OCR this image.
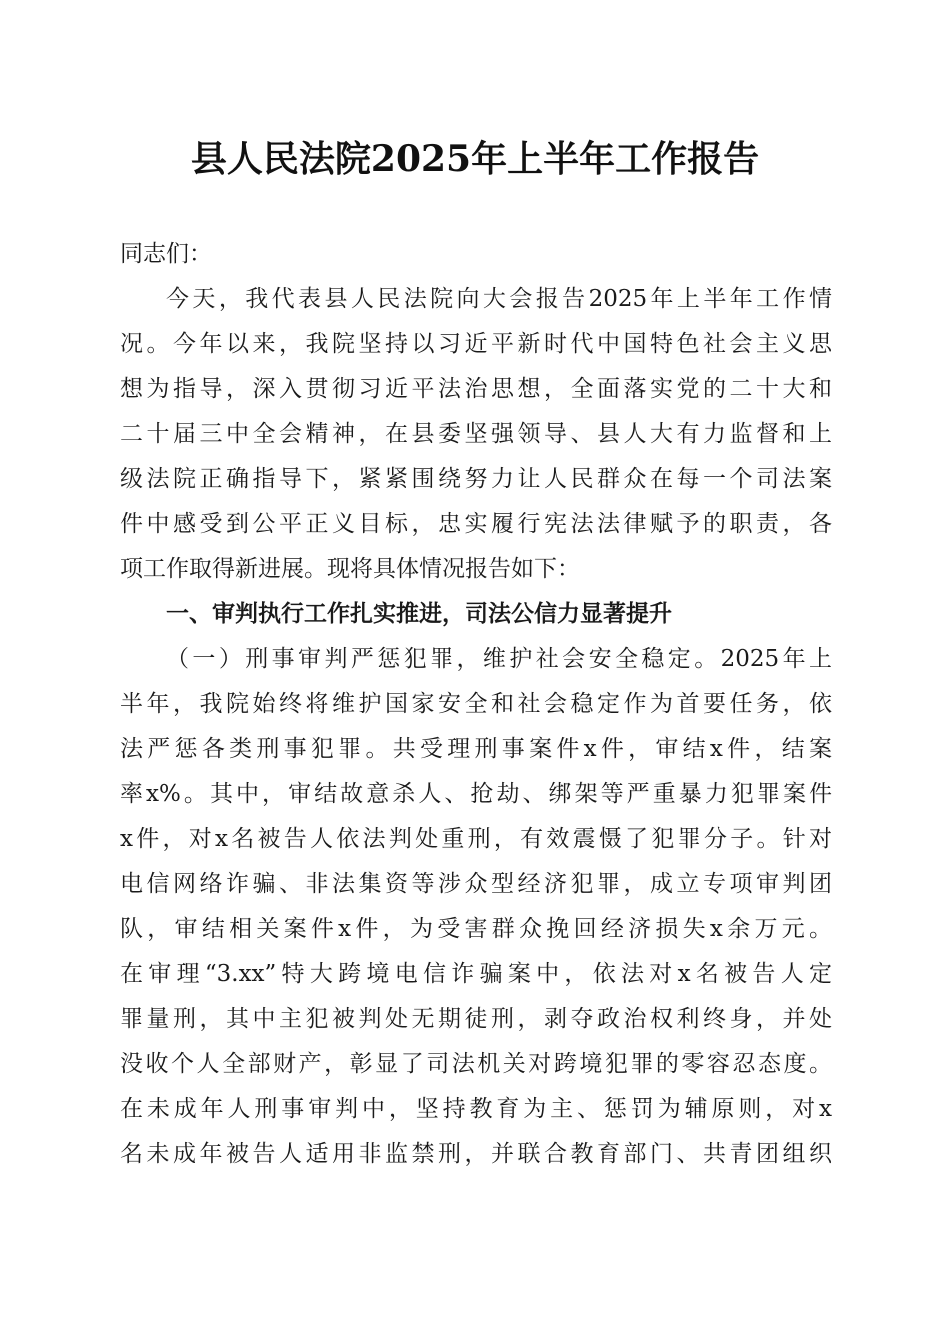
县人民法院2025年上半年工作报告
同志们：
今天，我代表县人民法院向大会报告2025年上半年工作情
况。今年以来，我院坚持以习近平新时代中国特色社会主义思
想为指导，深入贯彻习近平法治思想，全面落实党的二十大和
二十届三中全会精神，在县委坚强领导、县人大有力监督和上
级法院正确指导下，紧紧围绕努力让人民群众在每一个司法案
件中感受到公平正义目标，忠实履行宪法法律赋予的职责，各
项工作取得新进展。现将具体情况报告如下：
一、审判执行工作扎实推进，司法公信力显著提升
（一）刑事审判严惩犯罪，维护社会安全稳定。2025年上
半年，我院始终将维护国家安全和社会稳定作为首要任务，依
法严惩各类刑事犯罪。共受理刑事案件x件，审结x件，结案
率x%。其中，审结故意杀人、抢劫、绑架等严重暴力犯罪案件
x件，对x名被告人依法判处重刑，有效震慑了犯罪分子。针对
电信网络诈骗、非法集资等涉众型经济犯罪，成立专项审判团
队，审结相关案件x件，为受害群众挽回经济损失x余万元。
在审理“3.xx”特大跨境电信诈骗案中，依法对x名被告人定
罪量刑，其中主犯被判处无期徒刑，剥夺政治权利终身，并处
没收个人全部财产，彰显了司法机关对跨境犯罪的零容忍态度。
在未成年人刑事审判中，坚持教育为主、惩罚为辅原则，对x
名未成年被告人适用非监禁刑，并联合教育部门、共青团组织
